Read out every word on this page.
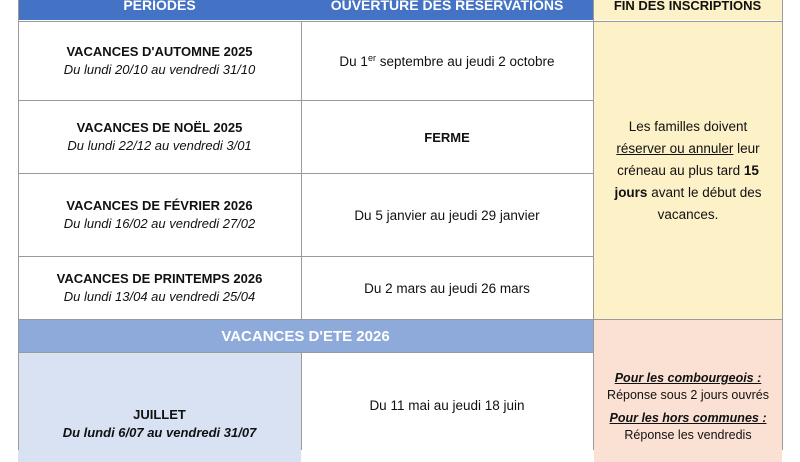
PERIODES	OUVERTURE DES RESERVATIONS	FIN DES INSCRIPTIONS
VACANCES D'AUTOMNE 2025
Du lundi 20/10 au vendredi 31/10
Du 1er septembre au jeudi 2 octobre
VACANCES DE NOËL 2025
Du lundi 22/12 au vendredi 3/01
FERME
VACANCES DE FÉVRIER 2026
Du lundi 16/02 au vendredi 27/02
Du 5 janvier au jeudi 29 janvier
VACANCES DE PRINTEMPS 2026
Du lundi 13/04 au vendredi 25/04
Du 2 mars au jeudi 26 mars
Les familles doivent
réserver ou annuler leur
créneau au plus tard 15
jours avant le début des
vacances.
VACANCES D'ETE 2026
JUILLET
Du lundi 6/07 au vendredi 31/07
Du 11 mai au jeudi 18 juin
Pour les combourgeois :
Réponse sous 2 jours ouvrés
Pour les hors communes :
Réponse les vendredis
